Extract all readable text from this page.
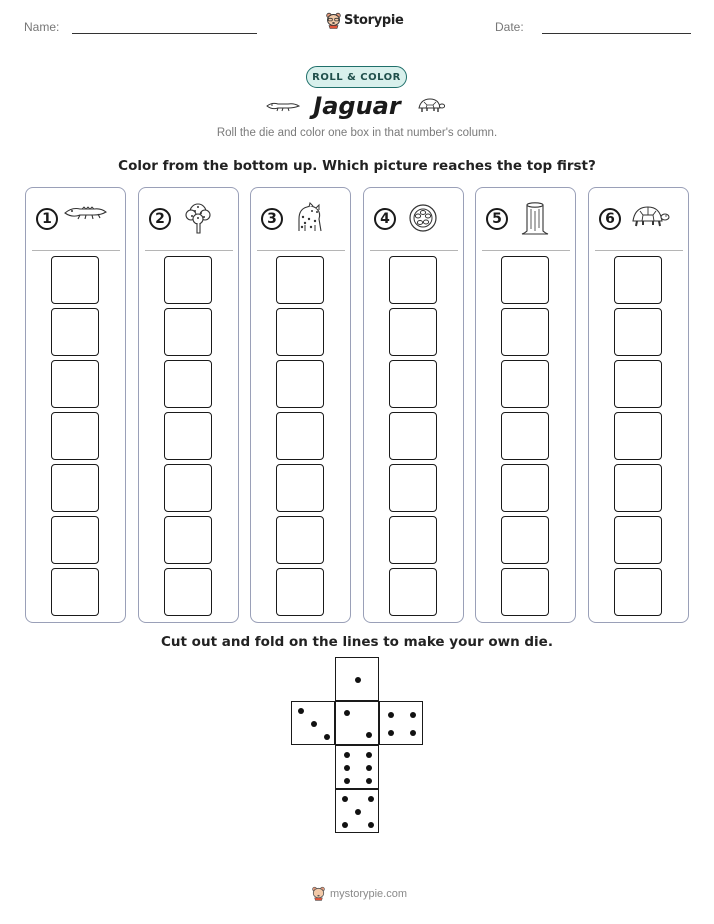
Name:	Storypie	Date:
ROLL & COLOR
Jaguar
Roll the die and color one box in that number's column.
Color from the bottom up. Which picture reaches the top first?
1	2	3	4	5	6
Cut out and fold on the lines to make your own die.
mystorypie.com
